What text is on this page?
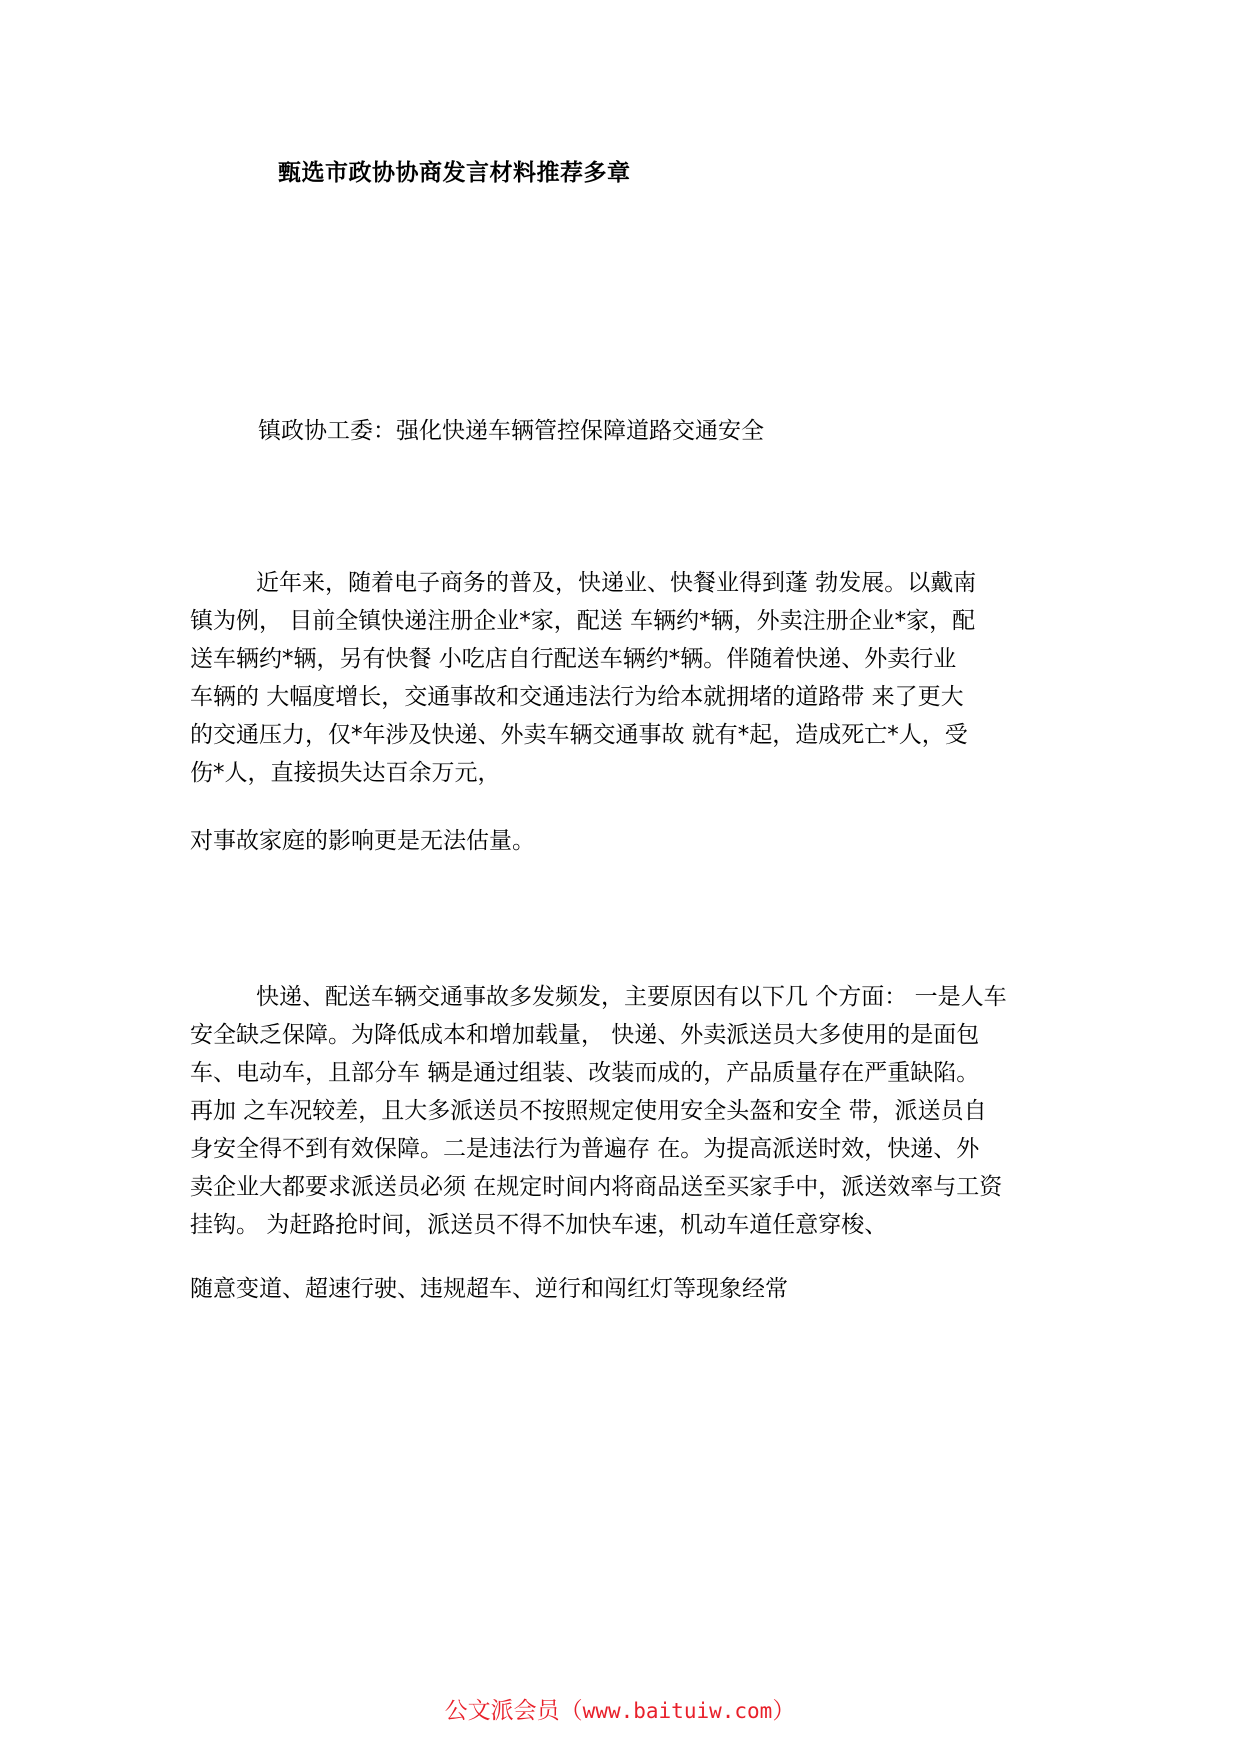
甄选市政协协商发言材料推荐多章
镇政协工委：强化快递车辆管控保障道路交通安全
近年来，随着电子商务的普及，快递业、快餐业得到蓬 勃发展。以戴南
镇为例， 目前全镇快递注册企业*家，配送 车辆约*辆，外卖注册企业*家，配
送车辆约*辆，另有快餐 小吃店自行配送车辆约*辆。伴随着快递、外卖行业
车辆的 大幅度增长，交通事故和交通违法行为给本就拥堵的道路带 来了更大
的交通压力，仅*年涉及快递、外卖车辆交通事故 就有*起，造成死亡*人，受
伤*人，直接损失达百余万元，
对事故家庭的影响更是无法估量。
快递、配送车辆交通事故多发频发，主要原因有以下几 个方面： 一是人车
安全缺乏保障。为降低成本和增加载量， 快递、外卖派送员大多使用的是面包
车、电动车，且部分车 辆是通过组装、改装而成的，产品质量存在严重缺陷。
再加 之车况较差，且大多派送员不按照规定使用安全头盔和安全 带，派送员自
身安全得不到有效保障。二是违法行为普遍存 在。为提高派送时效，快递、外
卖企业大都要求派送员必须 在规定时间内将商品送至买家手中，派送效率与工资
挂钩。 为赶路抢时间，派送员不得不加快车速，机动车道任意穿梭、
随意变道、超速行驶、违规超车、逆行和闯红灯等现象经常
公文派会员（www.baituiw.com）
